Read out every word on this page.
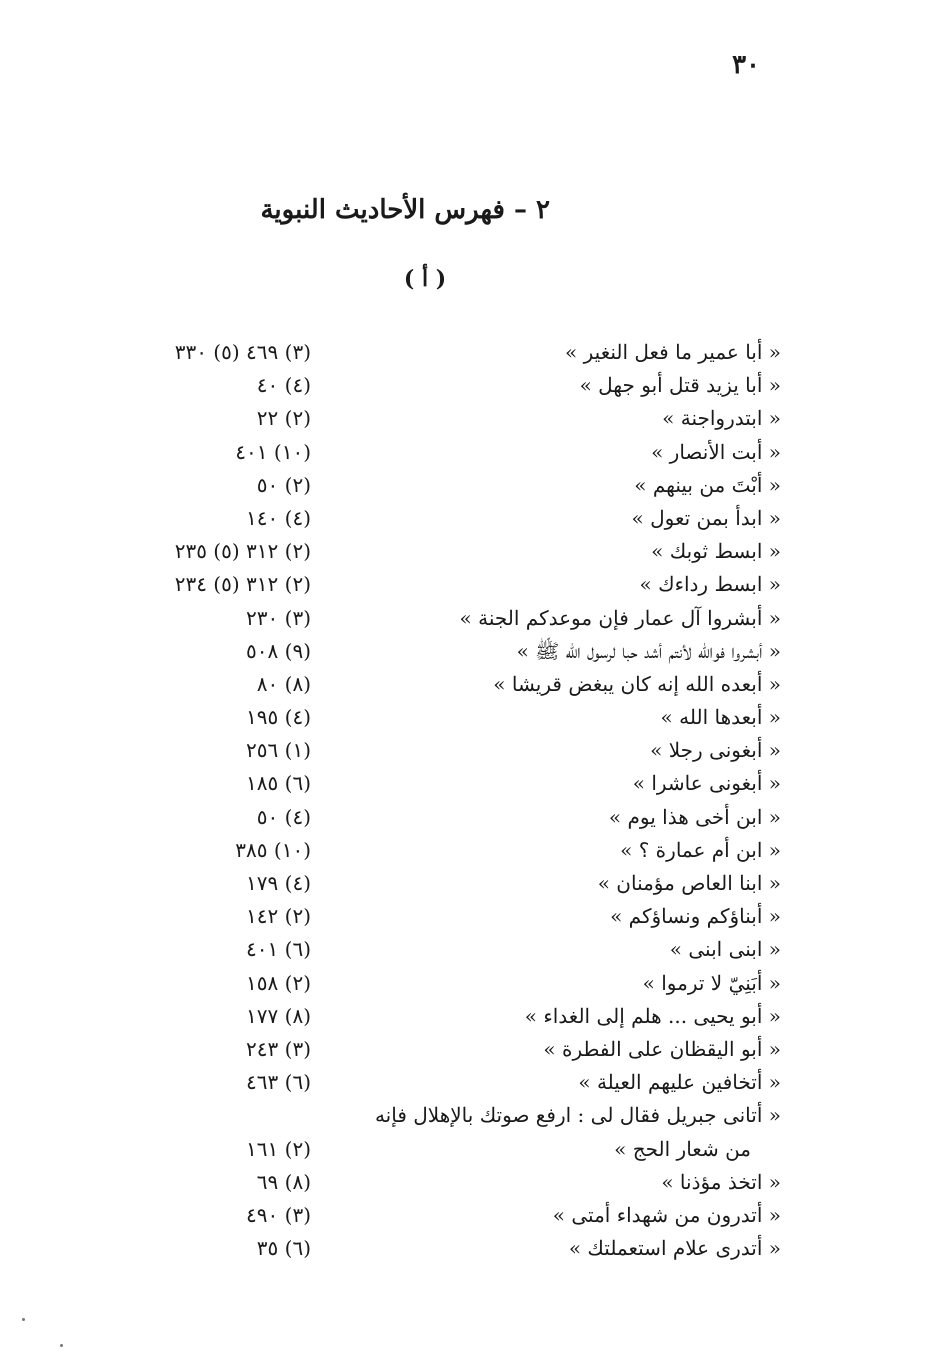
٣٠
٢ – فهرس الأحاديث النبوية
( أ )
« أبا عمير ما فعل النغير »
(٣) ٤٦٩ (٥) ٣٣٠
« أبا يزيد قتل أبو جهل »
(٤) ٤٠
« ابتدرواجنة »
(٢) ٢٢
« أبت الأنصار »
(١٠) ٤٠١
« أبْتَ من بينهم »
(٢) ٥٠
« ابدأ بمن تعول »
(٤) ١٤٠
« ابسط ثوبك »
(٢) ٣١٢ (٥) ٢٣٥
« ابسط رداءك »
(٢) ٣١٢ (٥) ٢٣٤
« أبشروا آل عمار فإن موعدكم الجنة »
(٣) ٢٣٠
« أبشروا فوالله لأنتم أشد حبا لرسول الله ﷺ »
(٩) ٥٠٨
« أبعده الله إنه كان يبغض قريشا »
(٨) ٨٠
« أبعدها الله »
(٤) ١٩٥
« أبغونى رجلا »
(١) ٢٥٦
« أبغونى عاشرا »
(٦) ١٨٥
« ابن أخى هذا يوم »
(٤) ٥٠
« ابن أم عمارة ؟ »
(١٠) ٣٨٥
« ابنا العاص مؤمنان »
(٤) ١٧٩
« أبناؤكم ونساؤكم »
(٢) ١٤٢
« ابنى ابنى »
(٦) ٤٠١
« أبَنِيّ لا ترموا »
(٢) ١٥٨
« أبو يحيى ... هلم إلى الغداء »
(٨) ١٧٧
« أبو اليقظان على الفطرة »
(٣) ٢٤٣
« أتخافين عليهم العيلة »
(٦) ٤٦٣
« أتانى جبريل فقال لى : ارفع صوتك بالإهلال فإنه
من شعار الحج »
(٢) ١٦١
« اتخذ مؤذنا »
(٨) ٦٩
« أتدرون من شهداء أمتى »
(٣) ٤٩٠
« أتدرى علام استعملتك »
(٦) ٣٥
